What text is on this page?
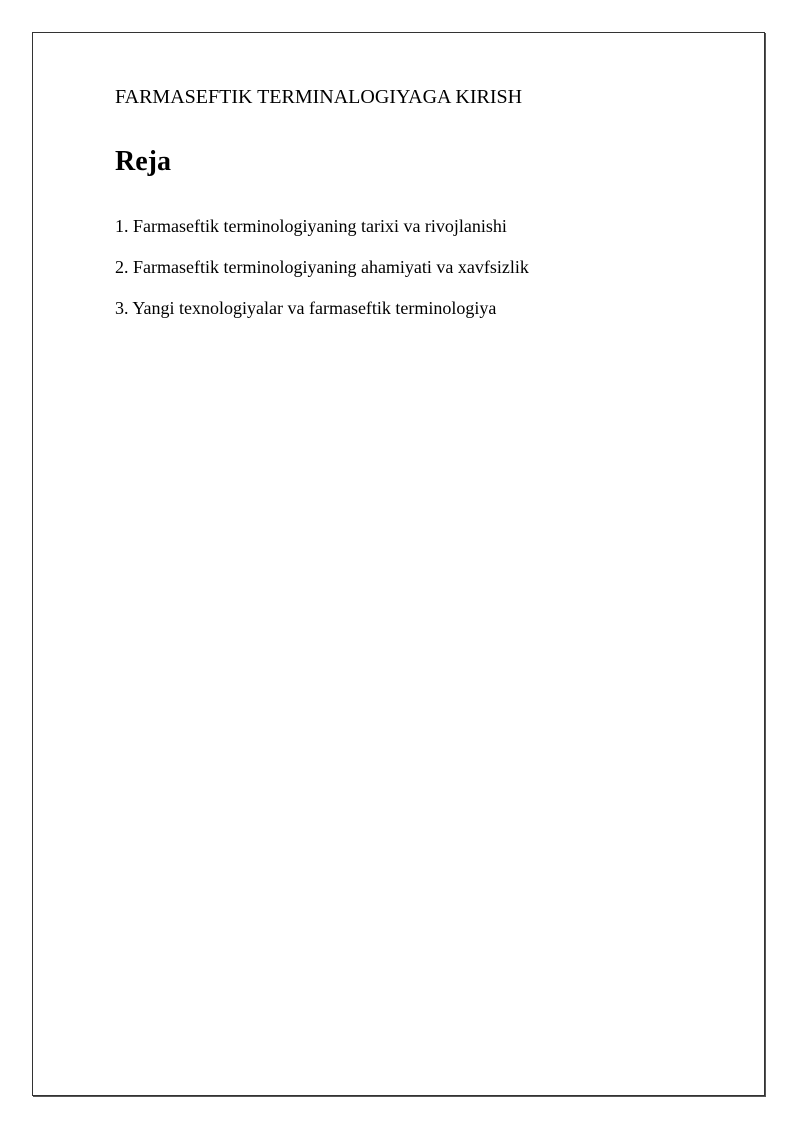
FARMASEFTIK TERMINALOGIYAGA KIRISH
Reja
1. Farmaseftik terminologiyaning tarixi va rivojlanishi
2. Farmaseftik terminologiyaning ahamiyati va xavfsizlik
3. Yangi texnologiyalar va farmaseftik terminologiya
